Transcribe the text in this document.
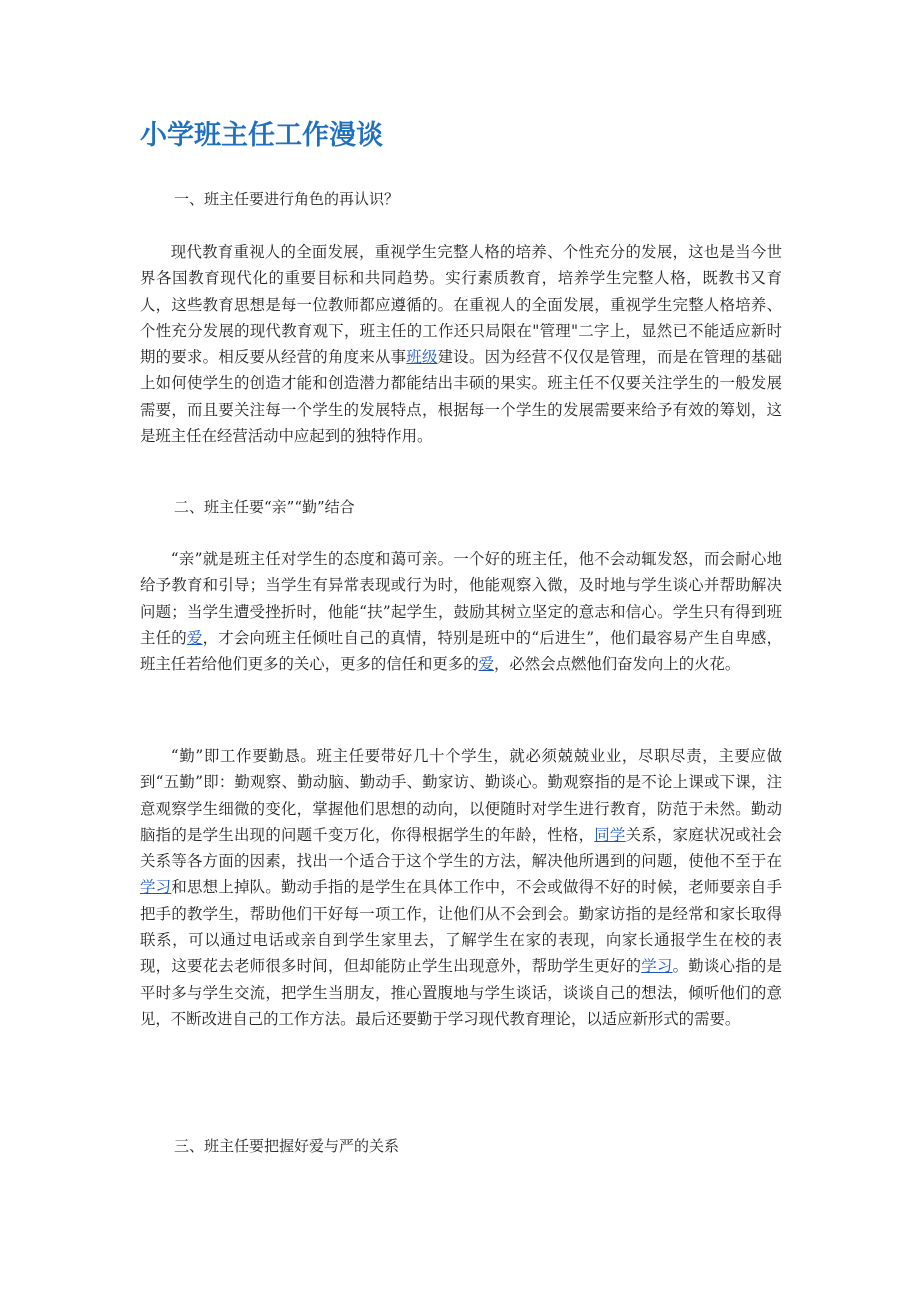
小学班主任工作漫谈
一、班主任要进行角色的再认识？

现代教育重视人的全面发展，重视学生完整人格的培养、个性充分的发展，这也是当今世界各国教育现代化的重要目标和共同趋势。实行素质教育，培养学生完整人格，既教书又育人，这些教育思想是每一位教师都应遵循的。在重视人的全面发展，重视学生完整人格培养、个性充分发展的现代教育观下，班主任的工作还只局限在"管理"二字上，显然已不能适应新时期的要求。相反要从经营的角度来从事班级建设。因为经营不仅仅是管理，而是在管理的基础上如何使学生的创造才能和创造潜力都能结出丰硕的果实。班主任不仅要关注学生的一般发展需要，而且要关注每一个学生的发展特点，根据每一个学生的发展需要来给予有效的筹划，这是班主任在经营活动中应起到的独特作用。

二、班主任要“亲”“勤”结合

“亲”就是班主任对学生的态度和蔼可亲。一个好的班主任，他不会动辄发怒，而会耐心地给予教育和引导；当学生有异常表现或行为时，他能观察入微，及时地与学生谈心并帮助解决问题；当学生遭受挫折时，他能“扶”起学生，鼓励其树立坚定的意志和信心。学生只有得到班主任的爱，才会向班主任倾吐自己的真情，特别是班中的“后进生”，他们最容易产生自卑感，班主任若给他们更多的关心，更多的信任和更多的爱，必然会点燃他们奋发向上的火花。

“勤”即工作要勤恳。班主任要带好几十个学生，就必须兢兢业业，尽职尽责，主要应做到“五勤”即：勤观察、勤动脑、勤动手、勤家访、勤谈心。勤观察指的是不论上课或下课，注意观察学生细微的变化，掌握他们思想的动向，以便随时对学生进行教育，防范于未然。勤动脑指的是学生出现的问题千变万化，你得根据学生的年龄，性格，同学关系，家庭状况或社会关系等各方面的因素，找出一个适合于这个学生的方法，解决他所遇到的问题，使他不至于在学习和思想上掉队。勤动手指的是学生在具体工作中，不会或做得不好的时候，老师要亲自手把手的教学生，帮助他们干好每一项工作，让他们从不会到会。勤家访指的是经常和家长取得联系，可以通过电话或亲自到学生家里去，了解学生在家的表现，向家长通报学生在校的表现，这要花去老师很多时间，但却能防止学生出现意外，帮助学生更好的学习。勤谈心指的是平时多与学生交流，把学生当朋友，推心置腹地与学生谈话，谈谈自己的想法，倾听他们的意见，不断改进自己的工作方法。最后还要勤于学习现代教育理论，以适应新形式的需要。

三、班主任要把握好爱与严的关系
